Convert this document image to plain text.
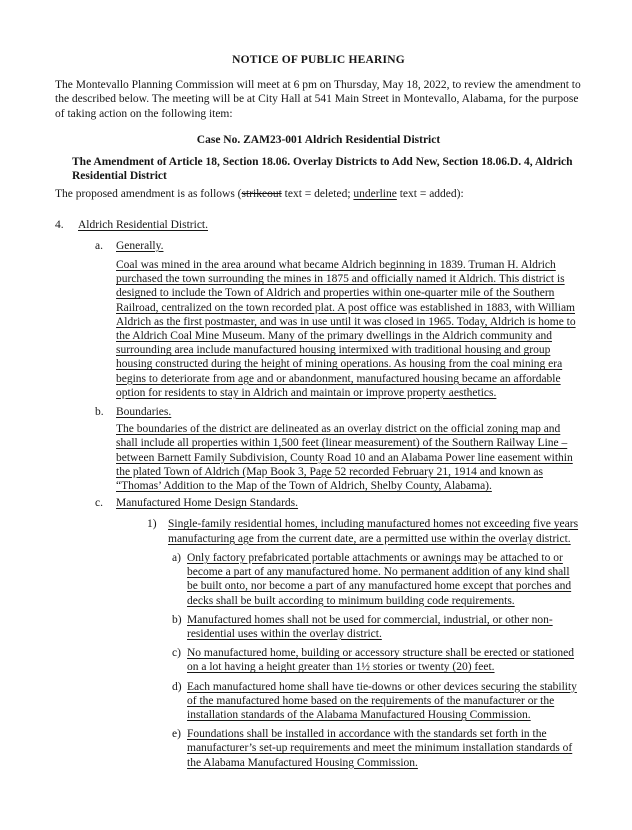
NOTICE OF PUBLIC HEARING

The Montevallo Planning Commission will meet at 6 pm on Thursday, May 18, 2022, to review the amendment to the described below. The meeting will be at City Hall at 541 Main Street in Montevallo, Alabama, for the purpose of taking action on the following item:

Case No. ZAM23-001 Aldrich Residential District
The Amendment of Article 18, Section 18.06. Overlay Districts to Add New, Section 18.06.D. 4, Aldrich Residential District

The proposed amendment is as follows (strikeout text = deleted; underline text = added):

4.	Aldrich Residential District.
a.	Generally.

Coal was mined in the area around what became Aldrich beginning in 1839. Truman H. Aldrich purchased the town surrounding the mines in 1875 and officially named it Aldrich. This district is designed to include the Town of Aldrich and properties within one-quarter mile of the Southern Railroad, centralized on the town recorded plat. A post office was established in 1883, with William Aldrich as the first postmaster, and was in use until it was closed in 1965. Today, Aldrich is home to the Aldrich Coal Mine Museum. Many of the primary dwellings in the Aldrich community and surrounding area include manufactured housing intermixed with traditional housing and group housing constructed during the height of mining operations. As housing from the coal mining era begins to deteriorate from age and or abandonment, manufactured housing became an affordable option for residents to stay in Aldrich and maintain or improve property aesthetics.

b.	Boundaries.

The boundaries of the district are delineated as an overlay district on the official zoning map and shall include all properties within 1,500 feet (linear measurement) of the Southern Railway Line – between Barnett Family Subdivision, County Road 10 and an Alabama Power line easement within the plated Town of Aldrich (Map Book 3, Page 52 recorded February 21, 1914 and known as “Thomas’ Addition to the Map of the Town of Aldrich, Shelby County, Alabama).

c.	Manufactured Home Design Standards.
1) Single-family residential homes, including manufactured homes not exceeding five years manufacturing age from the current date, are a permitted use within the overlay district.
a) Only factory prefabricated portable attachments or awnings may be attached to or become a part of any manufactured home. No permanent addition of any kind shall be built onto, nor become a part of any manufactured home except that porches and decks shall be built according to minimum building code requirements.
b) Manufactured homes shall not be used for commercial, industrial, or other non-residential uses within the overlay district.
c) No manufactured home, building or accessory structure shall be erected or stationed on a lot having a height greater than 1½ stories or twenty (20) feet.
d) Each manufactured home shall have tie-downs or other devices securing the stability of the manufactured home based on the requirements of the manufacturer or the installation standards of the Alabama Manufactured Housing Commission.
e) Foundations shall be installed in accordance with the standards set forth in the manufacturer’s set-up requirements and meet the minimum installation standards of the Alabama Manufactured Housing Commission.
